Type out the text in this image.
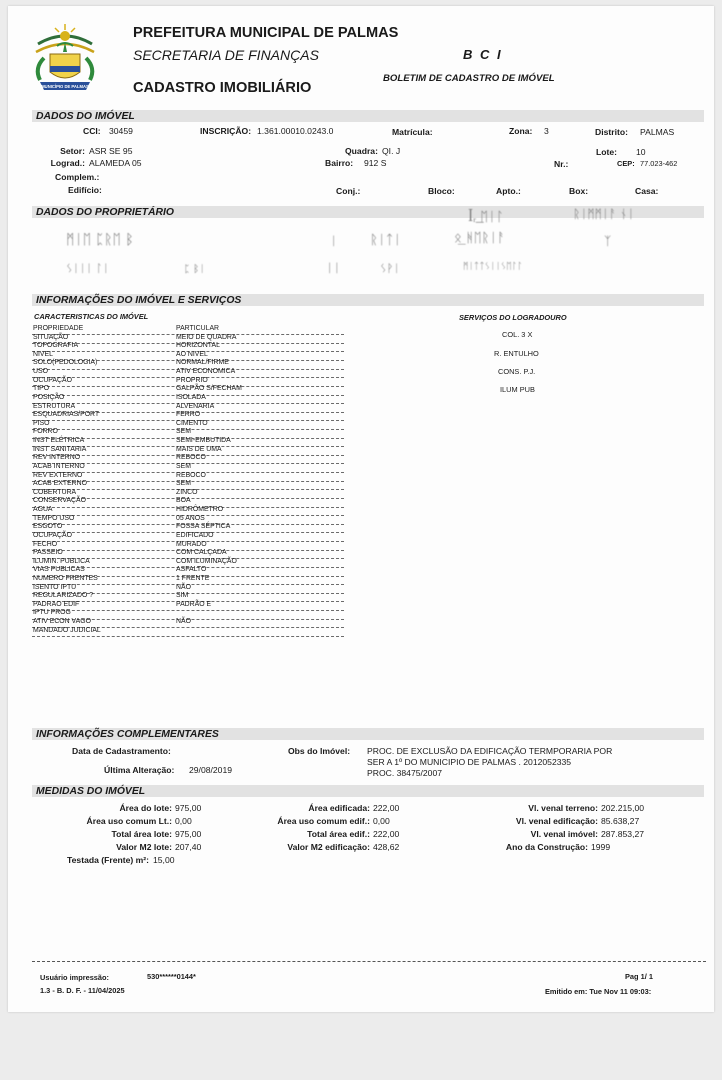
MUNICÍPIO DE PALMAS
PREFEITURA MUNICIPAL DE PALMAS
SECRETARIA DE FINANÇAS	B C I
BOLETIM DE CADASTRO DE IMÓVEL
CADASTRO IMOBILIÁRIO
DADOS DO IMÓVEL
CCI: 30459	INSCRIÇÃO: 1.361.00010.0243.0	Matrícula:	Zona: 3	Distrito: PALMAS
Setor: ASR SE 95	Quadra: QI. J	Lote: 10
Lograd.: ALAMEDA 05	Bairro: 912 S	Nr.:	CEP: 77.023-462
Complem.:
Edifício:	Conj.:	Bloco:	Apto.:	Box:	Casa:
DADOS DO PROPRIETÁRIO	ꟾᵣ͟ ᛖᛁᛚ	ᚱᛁᛗᛗᛁᚨ ᚾᛁ
ᛗᛁᛖ ᛈᚱᛖ ᛒ	ᛁ	ᚱᛁᛏᛁ	ᛟ͟ ᚻᛖᚱᛁᚨ	ᛉ
ᛊᛁᛁᛁ ᛚᛁ	ᛈ ᛒᛁ	ᛁᛁ	ᛊᚹᛁ	ᛗᛁᛏᛏᛊᛁᛁᛊᛖᛚᛚ
INFORMAÇÕES DO IMÓVEL E SERVIÇOS
CARACTERISTICAS DO IMÓVEL	SERVIÇOS DO LOGRADOURO
PROPRIEDADE	PARTICULAR
SITUAÇÃO	MEIO DE QUADRA
TOPOGRAFIA	HORIZONTAL
NIVEL	AO NIVEL
SOLO(PEDOLOGIA)	NORMAL/FIRME
USO	ATIV ECONOMICA
OCUPAÇÃO	PROPRIO
TIPO	GALPÃO S/FECHAM
POSIÇÃO	ISOLADA
ESTRUTURA	ALVENARIA
ESQUADRIAS/PORT	FERRO
PISO	CIMENTO
FORRO	SEM
INST ELÉTRICA	SEMI-EMBUTIDA
INST SANITARIA	MAIS DE UMA
REV INTERNO	REBOCO
ACAB INTERNO	SEM
REV EXTERNO	REBOCO
ACAB EXTERNO	SEM
COBERTURA	ZINCO
CONSERVAÇÃO	BOA
AGUA	HIDRÔMETRO
TEMPO USO	05 ANOS
ESGOTO	FOSSA SÉPTICA
OCUPAÇÃO	EDIFICADO
FECHO	MURADO
PASSEIO	COM CALÇADA
ILUMIN. PUBLICA	COM ILUMINAÇÃO
VIAS PUBLICAS	ASFALTO
NUMERO FRENTES	1 FRENTE
ISENTO IPTU	NÃO
REGULARIZADO ?	SIM
PADRAO EDIF	PADRÃO E
IPTU PROG
ATIV ECON VAGO	NÃO
MANDADO JUDICIAL
COL. 3 X
R. ENTULHO
CONS. P.J.
ILUM PUB
INFORMAÇÕES COMPLEMENTARES
Data de Cadastramento:
Última Alteração: 29/08/2019
Obs do Imóvel: PROC. DE EXCLUSÃO DA EDIFICAÇÃO TERMPORARIA POR
SER A 1º DO MUNICIPIO DE PALMAS . 2012052335
PROC. 38475/2007
MEDIDAS DO IMÓVEL
Área do lote: 975,00
Área uso comum Lt.: 0,00
Total área lote: 975,00
Valor M2 lote: 207,40
Testada (Frente) m²: 15,00
Área edificada: 222,00
Área uso comum edif.: 0,00
Total área edif.: 222,00
Valor M2 edificação: 428,62
Vl. venal terreno: 202.215,00
Vl. venal edificação: 85.638,27
Vl. venal imóvel: 287.853,27
Ano da Construção: 1999
Usuário impressão:	530******0144*
1.3 - B. D. F. - 11/04/2025
Pag 1/ 1
Emitido em: Tue Nov 11 09:03:
